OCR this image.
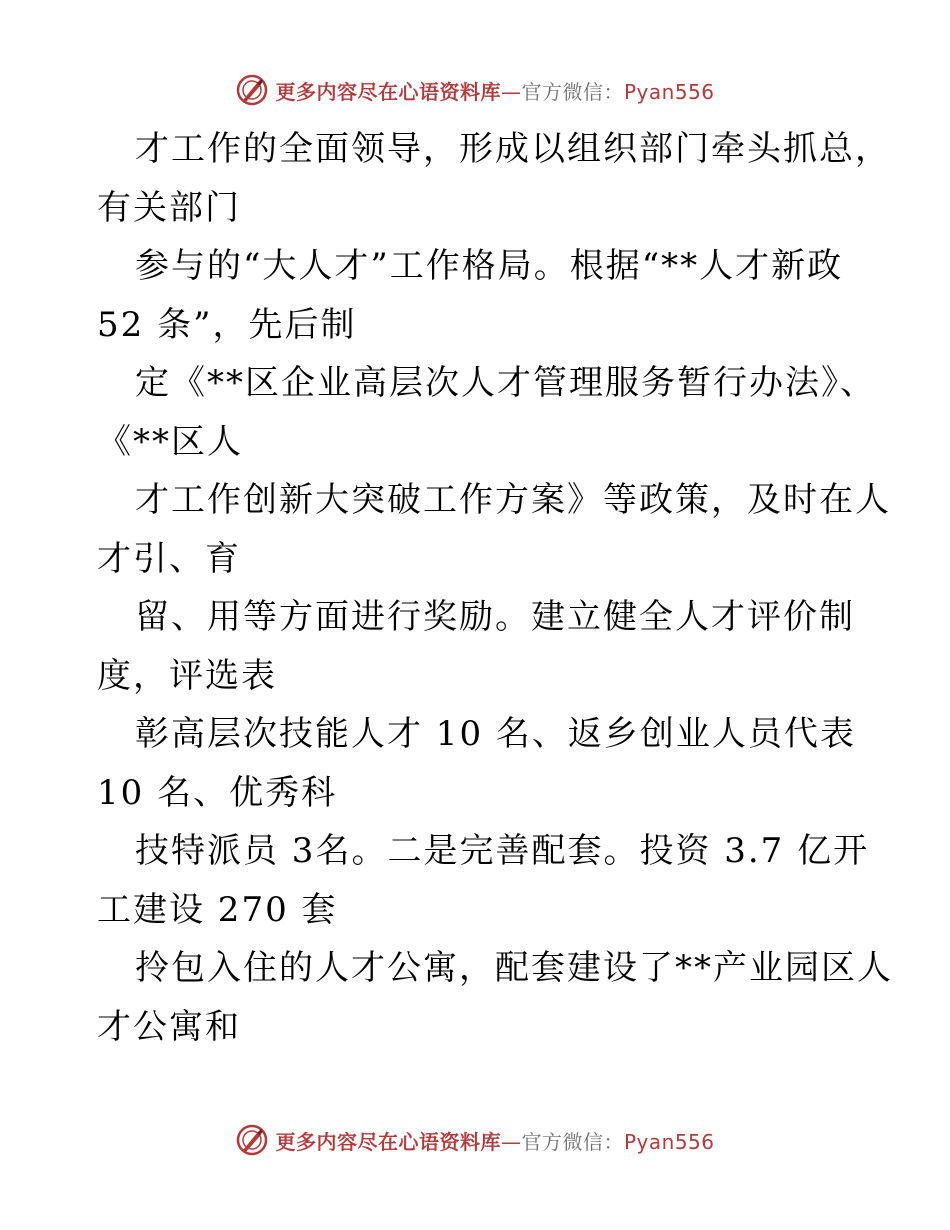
更多内容尽在心语资料库—官方微信：Pyan556
才工作的全面领导，形成以组织部门牵头抓总，
有关部门
参与的“大人才”工作格局。根据“**人才新政
52 条”，先后制
定《**区企业高层次人才管理服务暂行办法》、
《**区人
才工作创新大突破工作方案》等政策，及时在人
才引、育
留、用等方面进行奖励。建立健全人才评价制
度，评选表
彰高层次技能人才 10 名、返乡创业人员代表
10 名、优秀科
技特派员 3名。二是完善配套。投资 3.7 亿开
工建设 270 套
拎包入住的人才公寓，配套建设了**产业园区人
才公寓和
更多内容尽在心语资料库—官方微信：Pyan556
